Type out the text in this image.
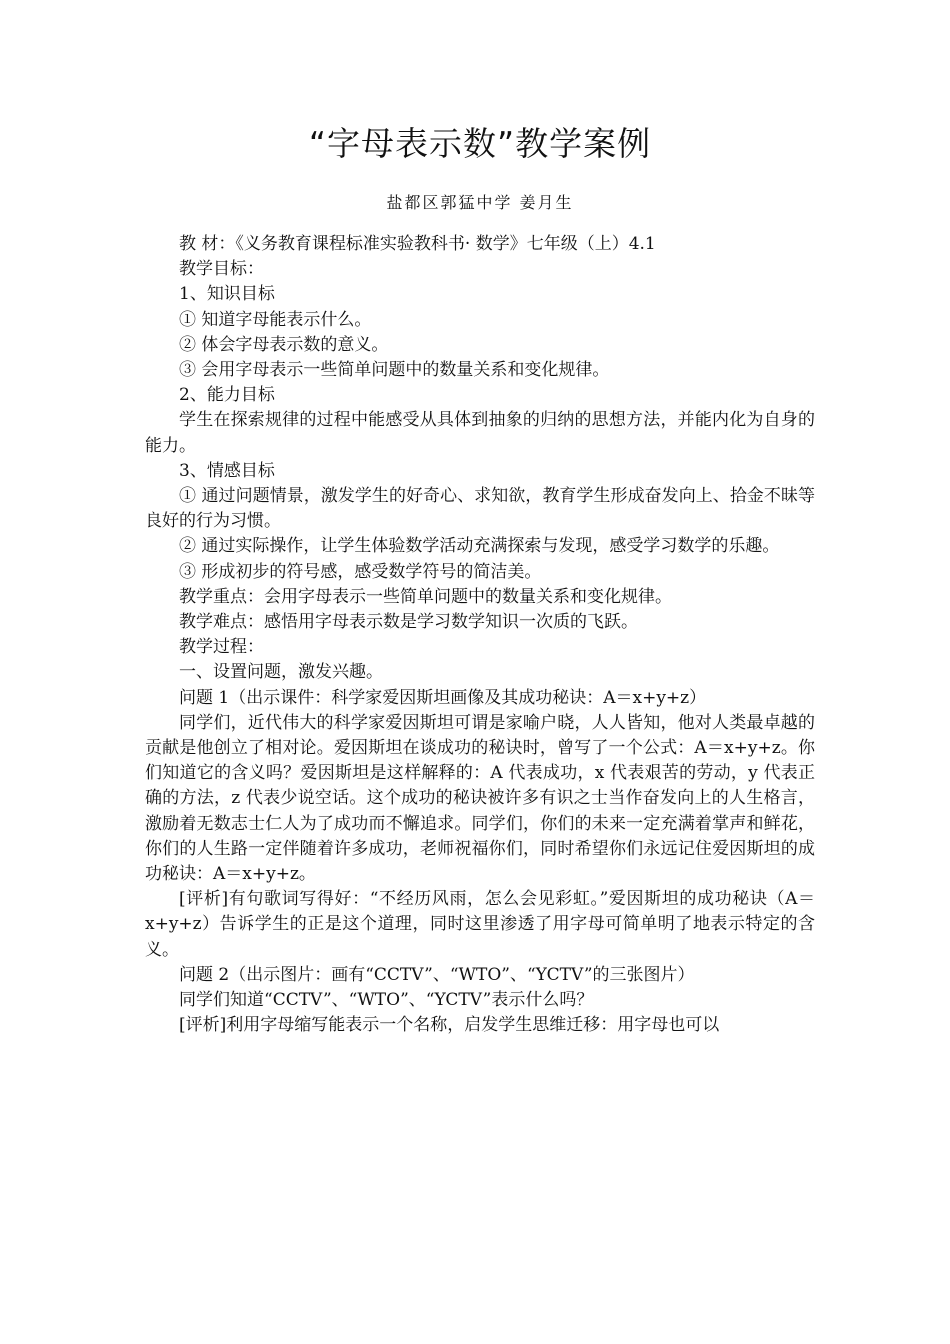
“字母表示数”教学案例
盐都区郭猛中学 姜月生

教 材：《义务教育课程标准实验教科书· 数学》七年级（上）4.1

教学目标：

1、知识目标

① 知道字母能表示什么。

② 体会字母表示数的意义。

③ 会用字母表示一些简单问题中的数量关系和变化规律。

2、能力目标

学生在探索规律的过程中能感受从具体到抽象的归纳的思想方法，并能内化为自身的能力。

3、情感目标

① 通过问题情景，激发学生的好奇心、求知欲，教育学生形成奋发向上、拾金不昧等良好的行为习惯。

② 通过实际操作，让学生体验数学活动充满探索与发现，感受学习数学的乐趣。

③ 形成初步的符号感，感受数学符号的简洁美。

教学重点：会用字母表示一些简单问题中的数量关系和变化规律。

教学难点：感悟用字母表示数是学习数学知识一次质的飞跃。

教学过程：

一、设置问题，激发兴趣。

问题 1（出示课件：科学家爱因斯坦画像及其成功秘诀：A＝x+y+z）

同学们，近代伟大的科学家爱因斯坦可谓是家喻户晓，人人皆知，他对人类最卓越的贡献是他创立了相对论。爱因斯坦在谈成功的秘诀时，曾写了一个公式：A＝x+y+z。你们知道它的含义吗？爱因斯坦是这样解释的：A 代表成功，x 代表艰苦的劳动，y 代表正确的方法，z 代表少说空话。这个成功的秘诀被许多有识之士当作奋发向上的人生格言，激励着无数志士仁人为了成功而不懈追求。同学们，你们的未来一定充满着掌声和鲜花，你们的人生路一定伴随着许多成功，老师祝福你们，同时希望你们永远记住爱因斯坦的成功秘诀：A＝x+y+z。

[评析]有句歌词写得好：“不经历风雨，怎么会见彩虹。”爱因斯坦的成功秘诀（A＝x+y+z）告诉学生的正是这个道理，同时这里渗透了用字母可简单明了地表示特定的含义。

问题 2（出示图片：画有“CCTV”、“WTO”、“YCTV”的三张图片）

同学们知道“CCTV”、“WTO”、“YCTV”表示什么吗？

[评析]利用字母缩写能表示一个名称，启发学生思维迁移：用字母也可以
